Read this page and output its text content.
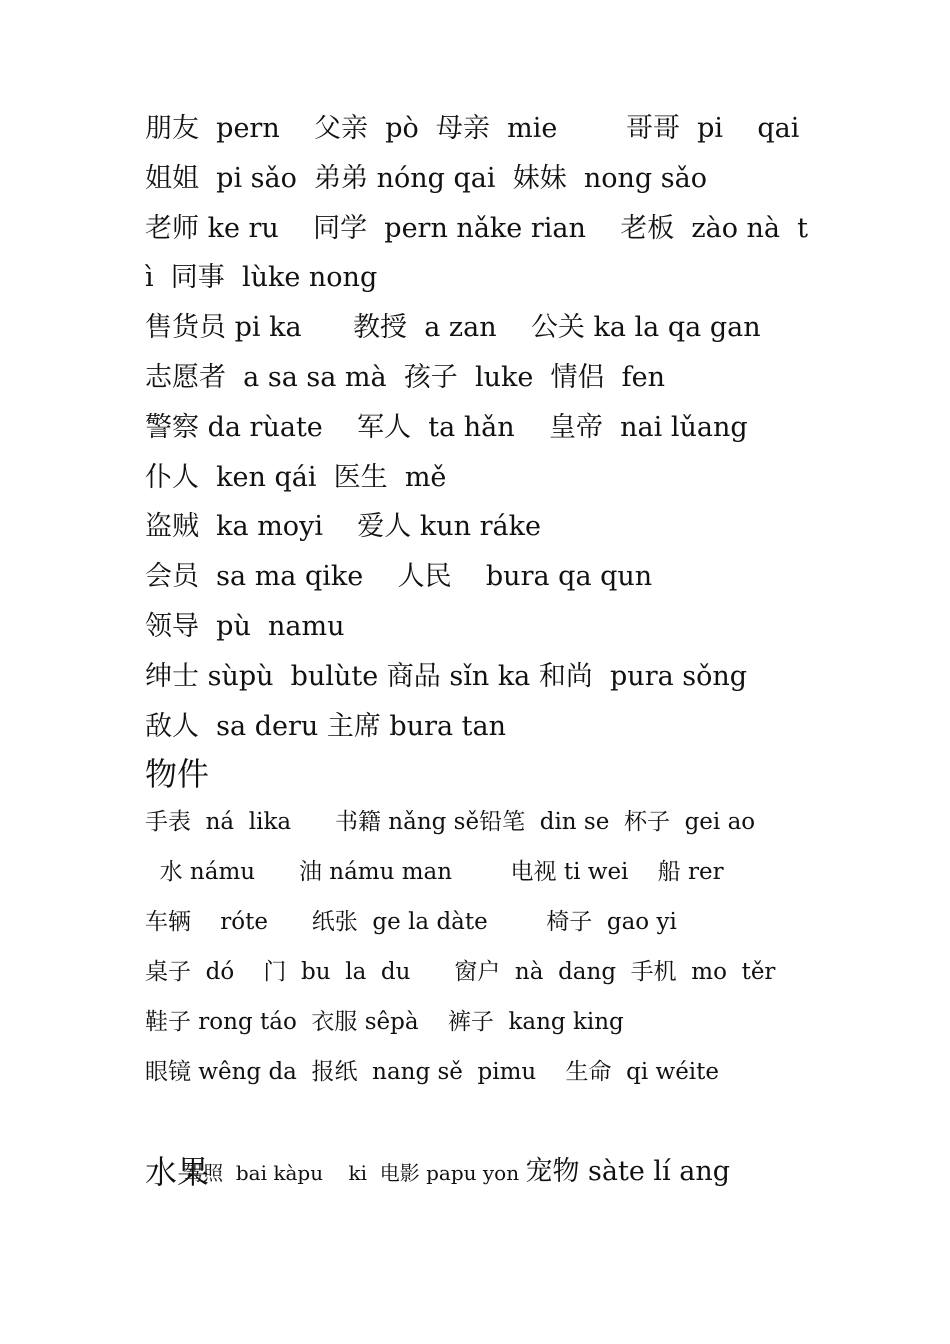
朋友  pern    父亲  pò  母亲  mie        哥哥  pi    qai
姐姐  pi sǎo  弟弟 nóng qai  妹妹  nong sǎo
老师 ke ru    同学  pern nǎke rian    老板  zào nà  t
ì  同事  lùke nong
售货员 pi ka      教授  a zan    公关 ka la qa gan
志愿者  a sa sa mà  孩子  luke  情侣  fen
警察 da rùate    军人  ta hǎn    皇帝  nai lǔang
仆人  ken qái  医生  mě
盗贼  ka moyi    爱人 kun ráke
会员  sa ma qike    人民    bura qa qun
领导  pù  namu
绅士 sùpù  bulùte 商品 sǐn ka 和尚  pura sǒng
敌人  sa deru 主席 bura tan
物件
手表  ná  lika      书籍 nǎng sě铅笔  din se  杯子  gei ao
水 námu      油 námu man        电视 ti wei    船 rer
车辆    róte      纸张  ge la dàte        椅子  gao yi
桌子  dó    门  bu  la  du      窗户  nà  dang  手机  mo  těr
鞋子 rong táo  衣服 sêpà    裤子  kang king
眼镜 wêng da  报纸  nang sě  pimu    生命  qi wéite

驾照  bai kàpu    ki  电影 papu yon 宠物 sàte lí ang

水果
